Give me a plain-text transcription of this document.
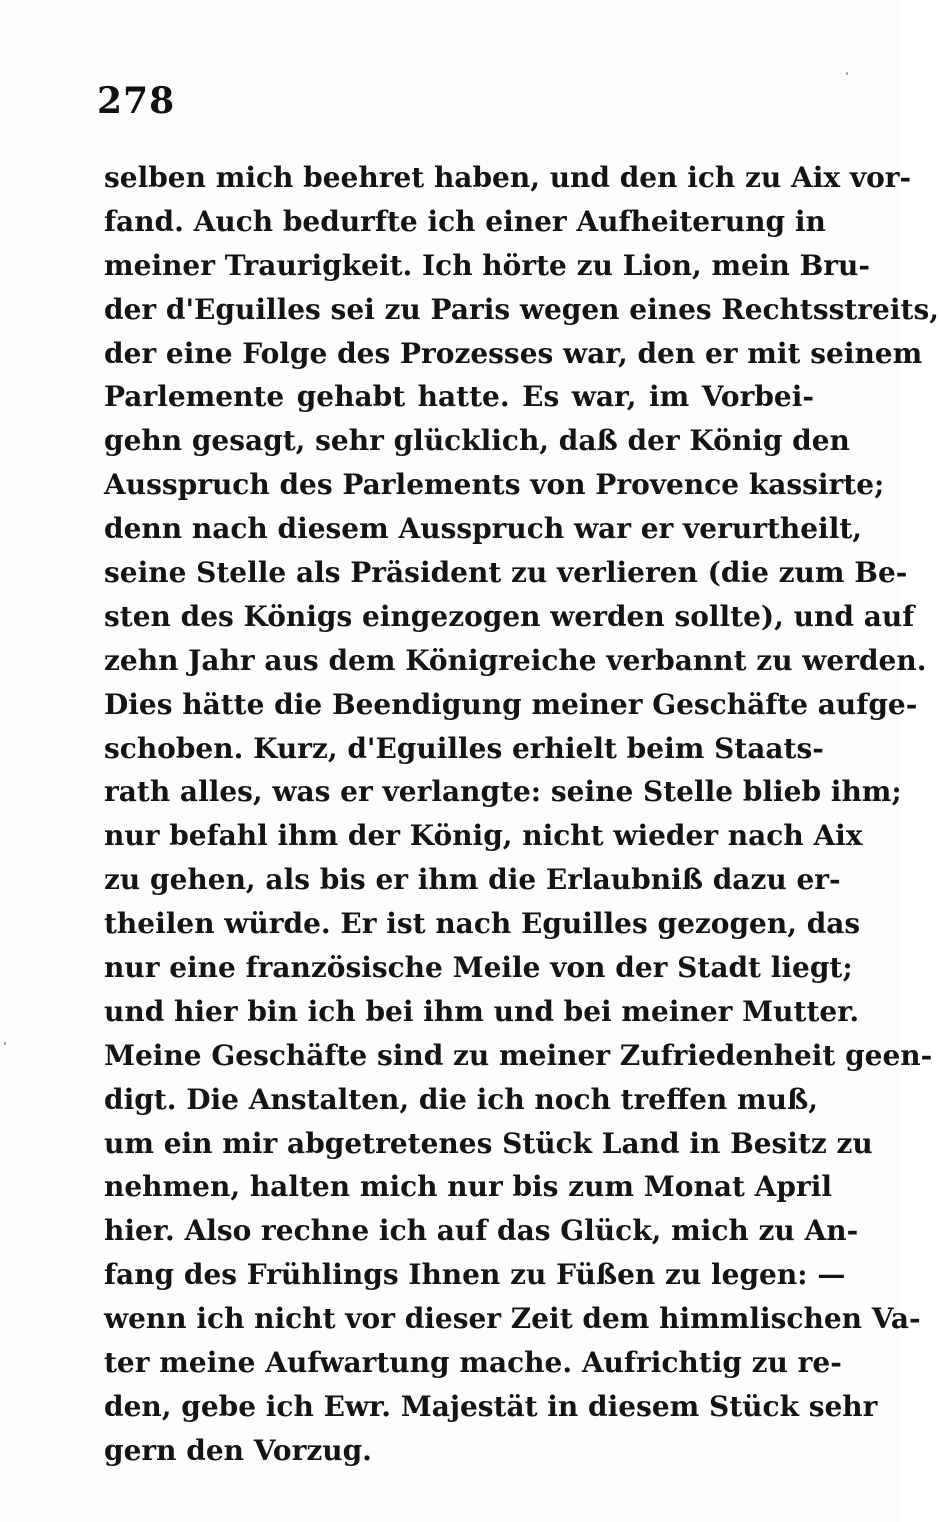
278
selben mich beehret haben, und den ich zu Aix vor-
fand. Auch bedurfte ich einer Aufheiterung in
meiner Traurigkeit. Ich hörte zu Lion, mein Bru-
der d'Eguilles sei zu Paris wegen eines Rechtsstreits,
der eine Folge des Prozesses war, den er mit seinem
Parlemente gehabt hatte. Es war, im Vorbei-
gehn gesagt, sehr glücklich, daß der König den
Ausspruch des Parlements von Provence kassirte;
denn nach diesem Ausspruch war er verurtheilt,
seine Stelle als Präsident zu verlieren (die zum Be-
sten des Königs eingezogen werden sollte), und auf
zehn Jahr aus dem Königreiche verbannt zu werden.
Dies hätte die Beendigung meiner Geschäfte aufge-
schoben. Kurz, d'Eguilles erhielt beim Staats-
rath alles, was er verlangte: seine Stelle blieb ihm;
nur befahl ihm der König, nicht wieder nach Aix
zu gehen, als bis er ihm die Erlaubniß dazu er-
theilen würde. Er ist nach Eguilles gezogen, das
nur eine französische Meile von der Stadt liegt;
und hier bin ich bei ihm und bei meiner Mutter.
Meine Geschäfte sind zu meiner Zufriedenheit geen-
digt. Die Anstalten, die ich noch treffen muß,
um ein mir abgetretenes Stück Land in Besitz zu
nehmen, halten mich nur bis zum Monat April
hier. Also rechne ich auf das Glück, mich zu An-
fang des Frühlings Ihnen zu Füßen zu legen: —
wenn ich nicht vor dieser Zeit dem himmlischen Va-
ter meine Aufwartung mache. Aufrichtig zu re-
den, gebe ich Ewr. Majestät in diesem Stück sehr
gern den Vorzug.
